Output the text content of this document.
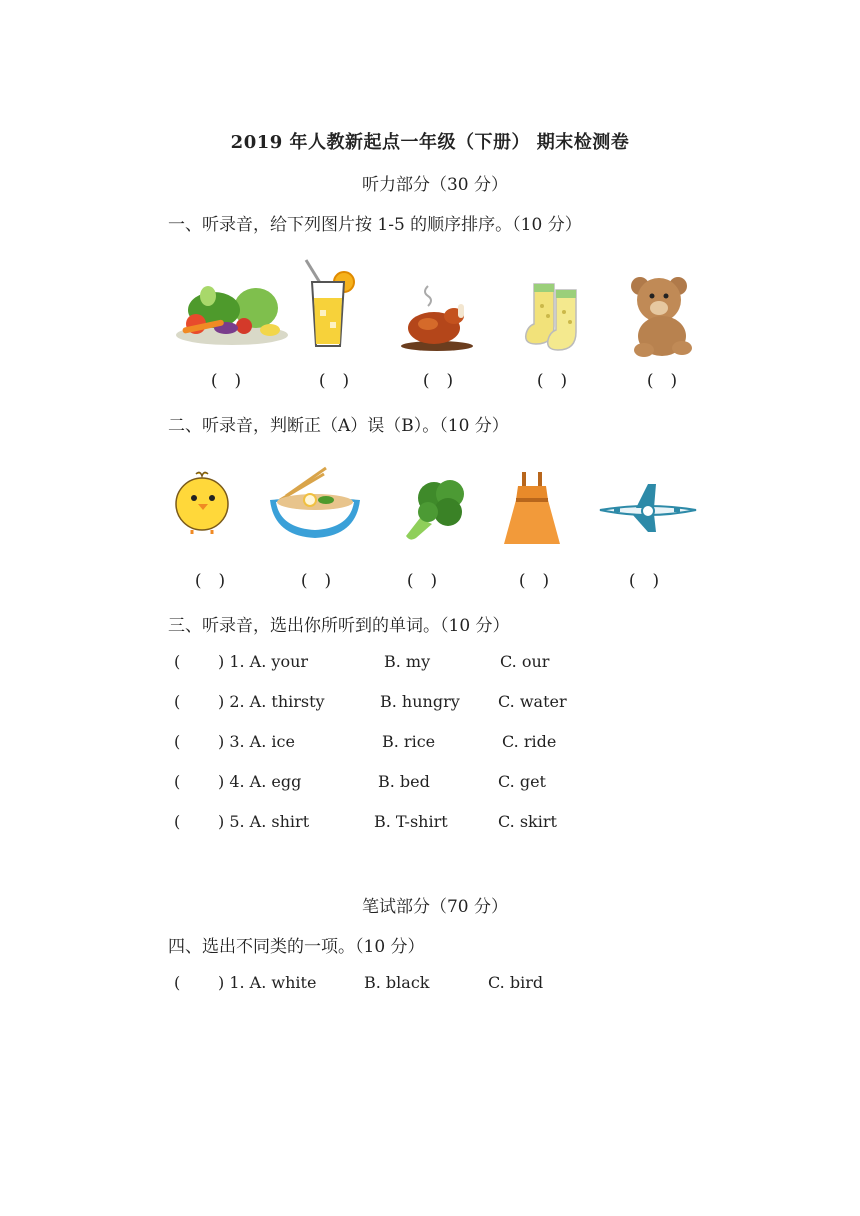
2019 年人教新起点一年级（下册） 期末检测卷
听力部分（30 分）
一、听录音，给下列图片按 1-5 的顺序排序。（10 分）
(　)	(　)	(　)	(　)	(　)
二、听录音，判断正（A）误（B）。（10 分）
(　)	(　)	(　)	(　)	(　)
三、听录音，选出你所听到的单词。（10 分）
( ) 1. A. your	B. my	C. our
( ) 2. A. thirsty	B. hungry C. water
( ) 3. A. ice	B. rice	C. ride
( ) 4. A. egg	B. bed	C. get
( ) 5. A. shirt	B. T-shirt	C. skirt
笔试部分（70 分）
四、选出不同类的一项。（10 分）
( ) 1. A. white	B. black	C. bird
